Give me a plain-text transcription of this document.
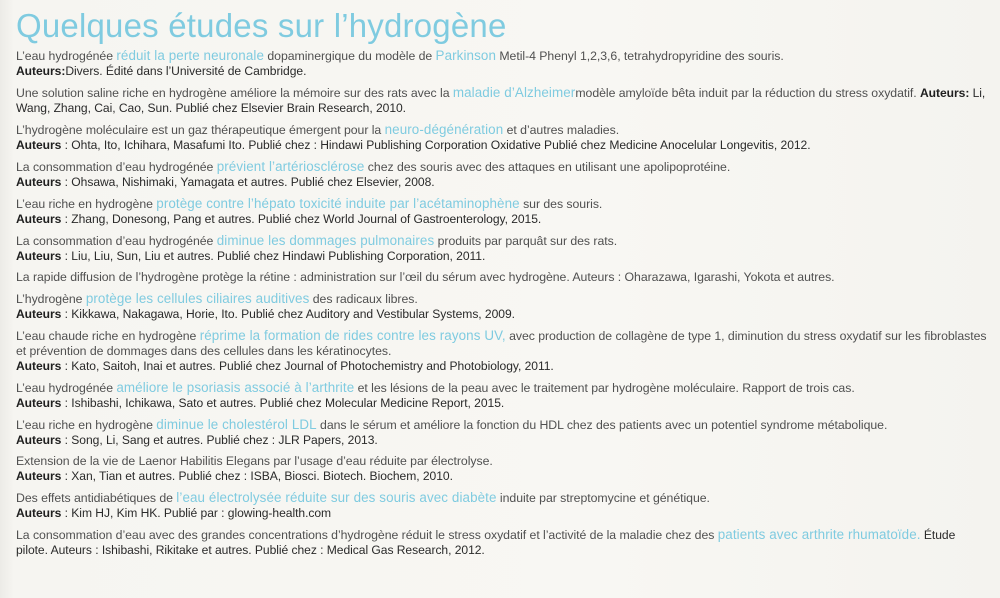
Quelques études sur l’hydrogène
L’eau hydrogénée réduit la perte neuronale dopaminergique du modèle de Parkinson Metil-4 Phenyl 1,2,3,6, tetrahydropyridine des souris.
Auteurs:Divers. Édité dans l’Université de Cambridge.
Une solution saline riche en hydrogène améliore la mémoire sur des rats avec la maladie d’Alzheimermodèle amyloïde bêta induit par la réduction du stress oxydatif. Auteurs: Li, Wang, Zhang, Cai, Cao, Sun. Publié chez Elsevier Brain Research, 2010.
L’hydrogène moléculaire est un gaz thérapeutique émergent pour la neuro-dégénération et d’autres maladies.
Auteurs : Ohta, Ito, Ichihara, Masafumi Ito. Publié chez : Hindawi Publishing Corporation Oxidative Publié chez Medicine Anocelular Longevitis, 2012.
La consommation d’eau hydrogénée prévient l’artériosclérose chez des souris avec des attaques en utilisant une apolipoprotéine.
Auteurs : Ohsawa, Nishimaki, Yamagata et autres. Publié chez Elsevier, 2008.
L’eau riche en hydrogène protège contre l’hépato toxicité induite par l’acétaminophène sur des souris.
Auteurs : Zhang, Donesong, Pang et autres. Publié chez World Journal of Gastroenterology, 2015.
La consommation d’eau hydrogénée diminue les dommages pulmonaires produits par parquât sur des rats.
Auteurs : Liu, Liu, Sun, Liu et autres. Publié chez Hindawi Publishing Corporation, 2011.
La rapide diffusion de l’hydrogène protège la rétine : administration sur l’œil du sérum avec hydrogène. Auteurs : Oharazawa, Igarashi, Yokota et autres.
L’hydrogène protège les cellules ciliaires auditives des radicaux libres.
Auteurs : Kikkawa, Nakagawa, Horie, Ito. Publié chez Auditory and Vestibular Systems, 2009.
L’eau chaude riche en hydrogène réprime la formation de rides contre les rayons UV, avec production de collagène de type 1, diminution du stress oxydatif sur les fibroblastes et prévention de dommages dans des cellules dans les kératinocytes.
Auteurs : Kato, Saitoh, Inai et autres. Publié chez Journal of Photochemistry and Photobiology, 2011.
L’eau hydrogénée améliore le psoriasis associé à l’arthrite et les lésions de la peau avec le traitement par hydrogène moléculaire. Rapport de trois cas.
Auteurs : Ishibashi, Ichikawa, Sato et autres. Publié chez Molecular Medicine Report, 2015.
L’eau riche en hydrogène diminue le cholestérol LDL dans le sérum et améliore la fonction du HDL chez des patients avec un potentiel syndrome métabolique.
Auteurs : Song, Li, Sang et autres. Publié chez : JLR Papers, 2013.
Extension de la vie de Laenor Habilitis Elegans par l’usage d’eau réduite par électrolyse.
Auteurs : Xan, Tian et autres. Publié chez : ISBA, Biosci. Biotech. Biochem, 2010.
Des effets antidiabétiques de l’eau électrolysée réduite sur des souris avec diabète induite par streptomycine et génétique.
Auteurs : Kim HJ, Kim HK. Publié par : glowing-health.com
La consommation d’eau avec des grandes concentrations d’hydrogène réduit le stress oxydatif et l’activité de la maladie chez des patients avec arthrite rhumatoïde. Étude pilote. Auteurs : Ishibashi, Rikitake et autres. Publié chez : Medical Gas Research, 2012.
